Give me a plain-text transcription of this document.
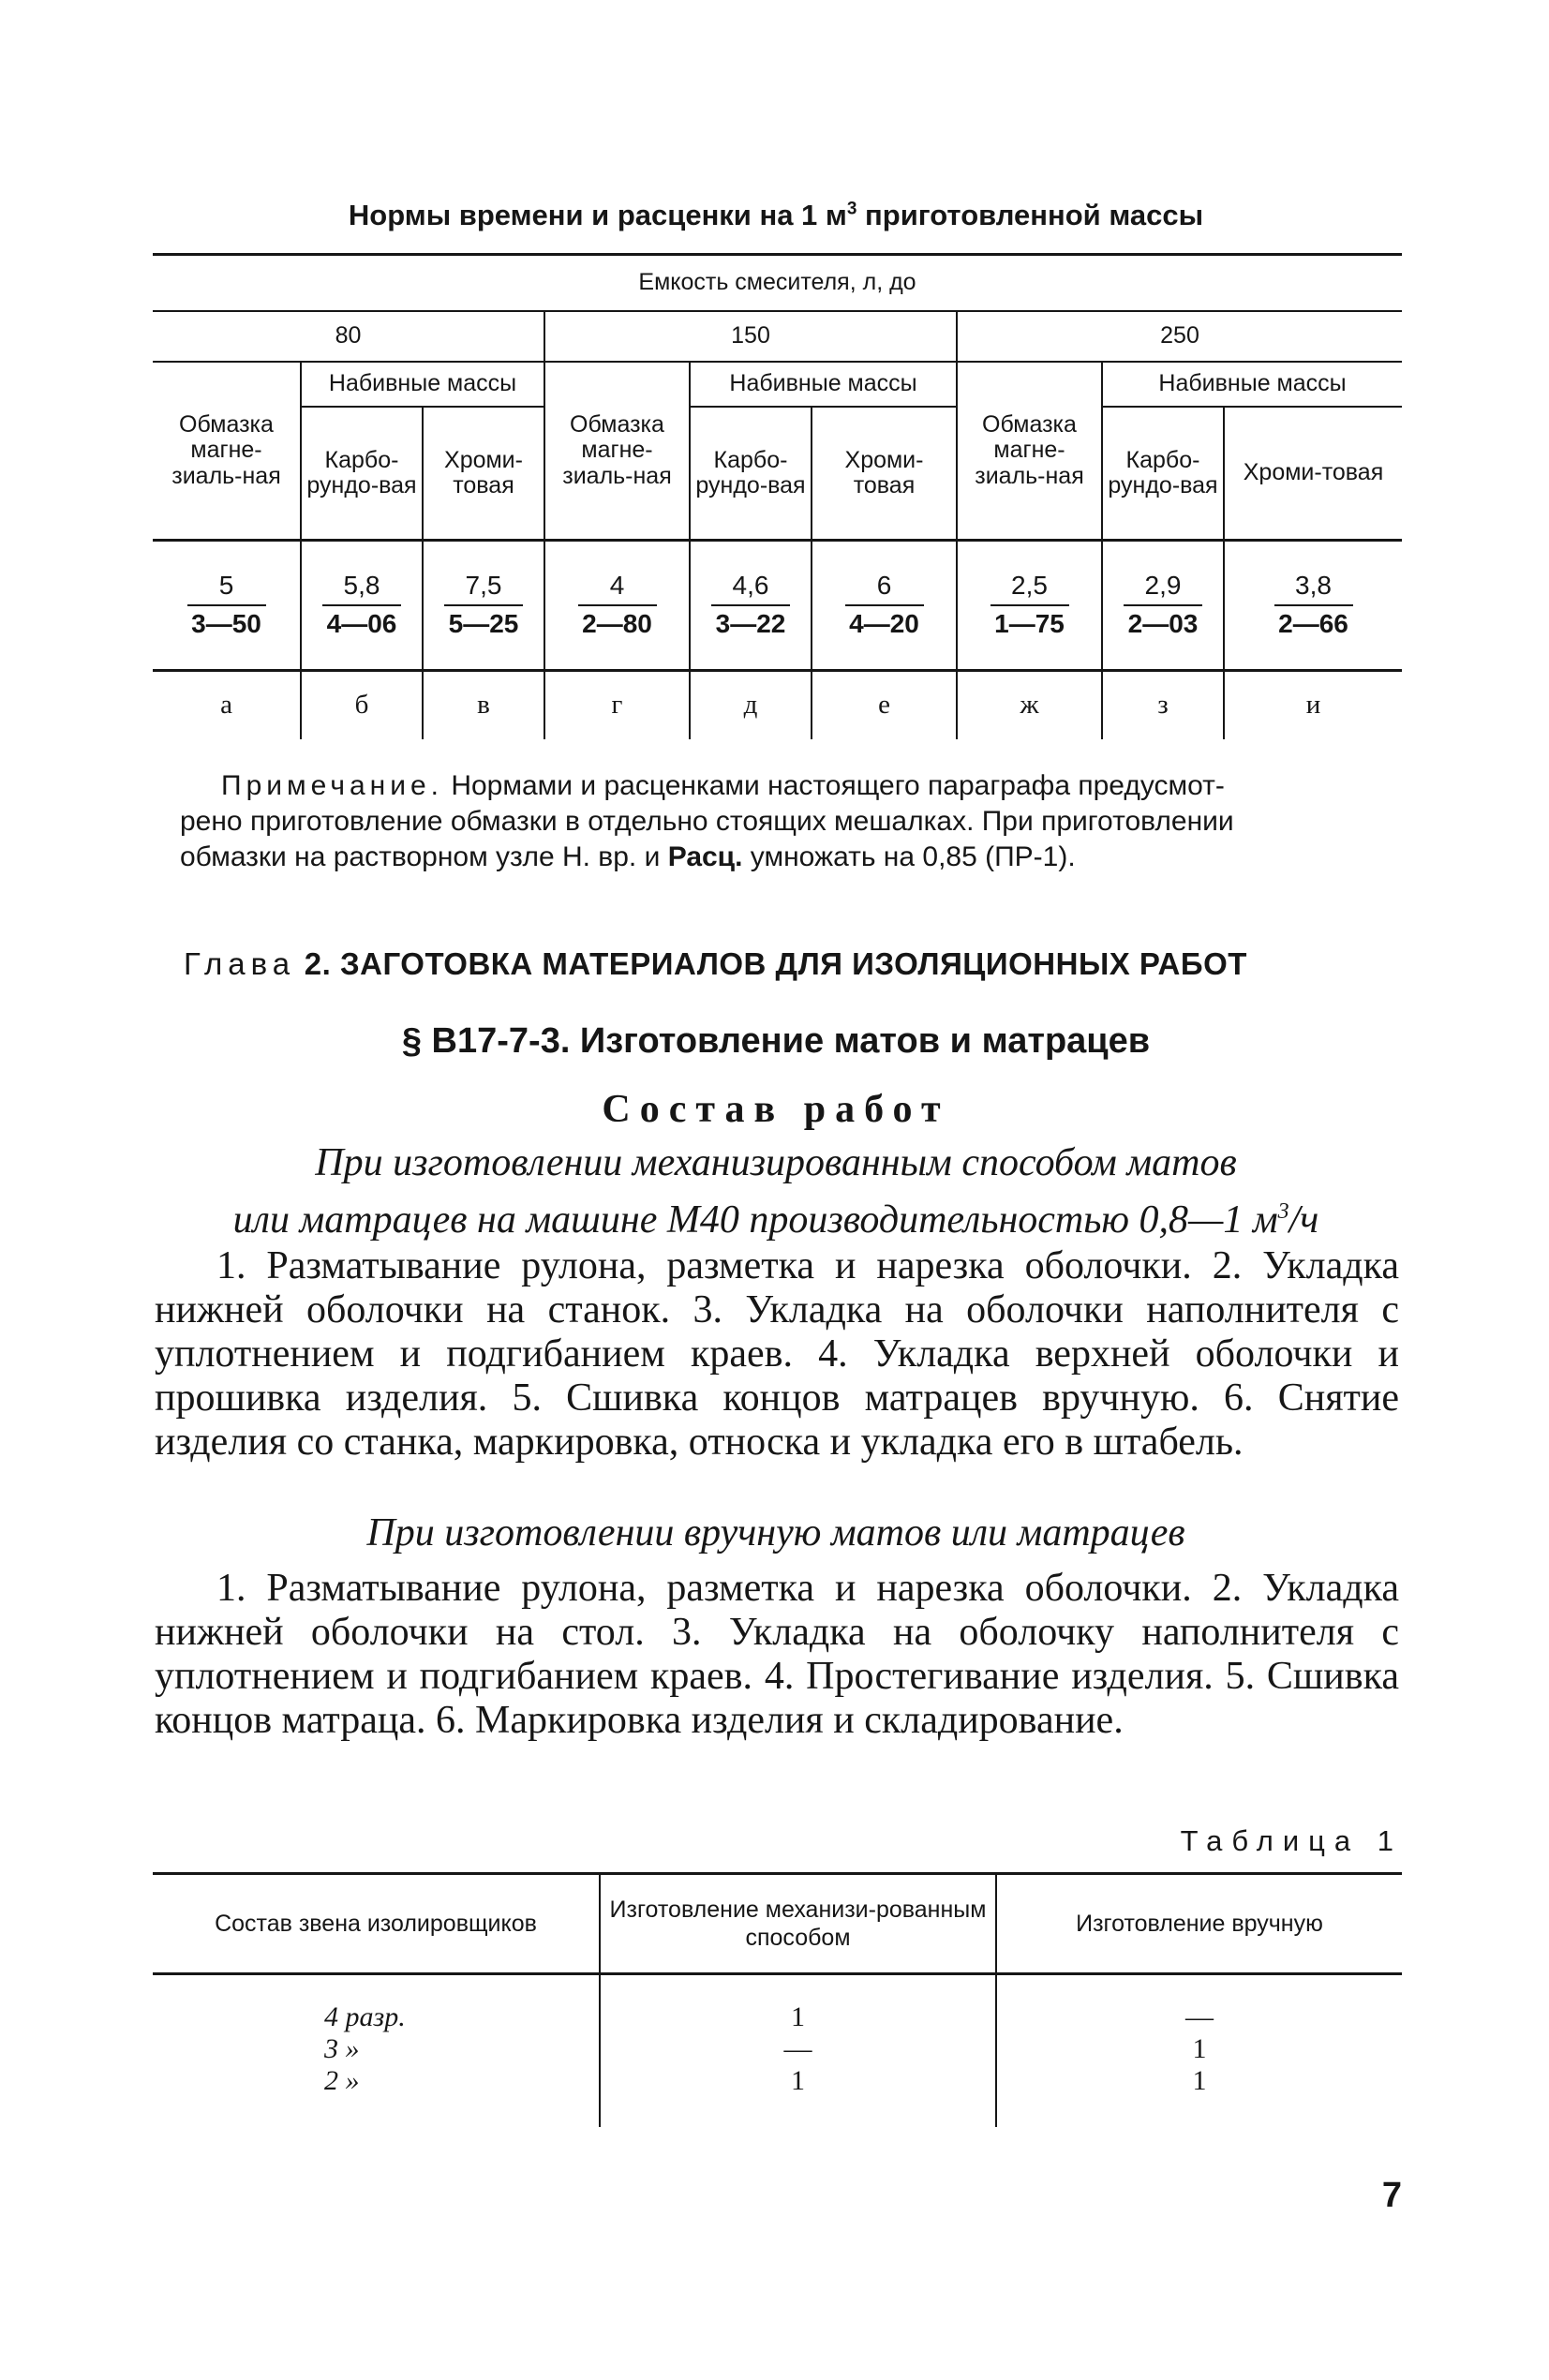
Нормы времени и расценки на 1 $м^3$ приготовленной массы
Емкость смесителя, л, до								
80			150			250		
Обмазка магне-зиаль-ная	Набивные массы		Обмазка магне-зиаль-ная	Набивные массы		Обмазка магне-зиаль-ная	Набивные массы	
	Карбо-рундо-вая	Хроми-товая		Карбо-рундо-вая	Хроми-товая		Карбо-рундо-вая	Хроми-товая

$\frac{5}{3—50}$	$\frac{5,8}{4—06}$	$\frac{7,5}{5—25}$	$\frac{4}{2—80}$	$\frac{4,6}{3—22}$	$\frac{6}{4—20}$	$\frac{2,5}{1—75}$	$\frac{2,9}{2—03}$	$\frac{3,8}{2—66}$

а	б	в	г	д	е	ж	з	и
Примечание. Нормами и расценками настоящего параграфа предусмот-
рено приготовление обмазки в отдельно стоящих мешалках. При приготовлении
обмазки на растворном узле Н. вр. и Расц. умножать на 0,85 (ПР-1).
Глава 2. ЗАГОТОВКА МАТЕРИАЛОВ ДЛЯ ИЗОЛЯЦИОННЫХ РАБОТ
§ В17-7-3. Изготовление матов и матрацев
Состав работ
При изготовлении механизированным способом матов
или матрацев на машине М40 производительностью 0,8—1 $м^3/ч$
1. Разматывание рулона, разметка и нарезка оболочки. 2. Укладка нижней оболочки на станок. 3. Укладка на оболочки наполнителя с уплотнением и подгибанием краев. 4. Укладка верхней оболочки и прошивка изделия. 5. Сшивка концов матрацев вручную. 6. Снятие изделия со станка, маркировка, относка и укладка его в штабель.
При изготовлении вручную матов или матрацев
1. Разматывание рулона, разметка и нарезка оболочки. 2. Укладка нижней оболочки на стол. 3. Укладка на оболочку наполнителя с уплотнением и подгибанием краев. 4. Простегивание изделия. 5. Сшивка концов матраца. 6. Маркировка изделия и складирование.
Таблица 1
Состав звена изолировщиков	Изготовление механизи-рованным способом	Изготовление вручную
4 разр.	1	—
3 »	—	1
2 »	1	1
7
